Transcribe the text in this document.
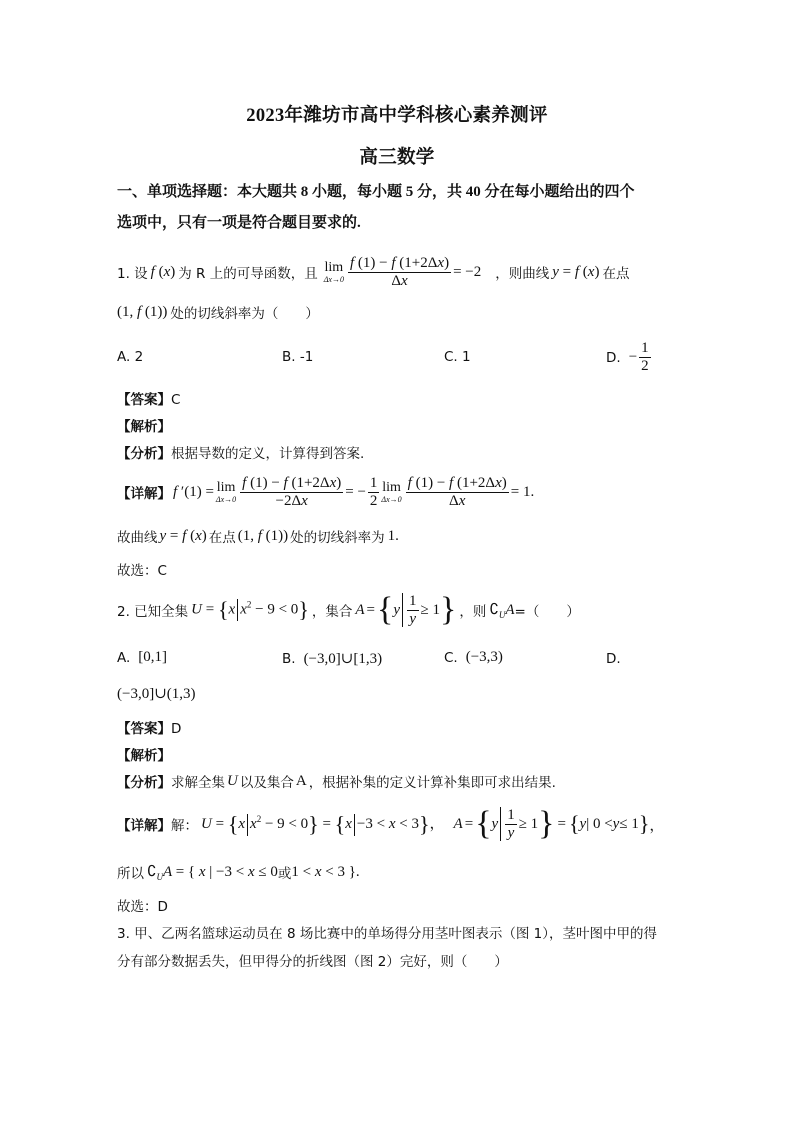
2023年潍坊市高中学科核心素养测评
高三数学
一、单项选择题：本大题共 8 小题，每小题 5 分，共 40 分在每小题给出的四个
选项中，只有一项是符合题目要求的.
1. 设 f (x) 为 R 上的可导函数，且 lim
$\Delta x\to 0 \frac{f (1) - f (1+2\Delta x)}{\Delta x} = -2$ ，则曲线 y = f (x) 在点
(1, f (1)) 处的切线斜率为（　　）
A. 2	B. -1	C. 1	D. − $\frac{1}{2}$
【答案】C
【解析】
【分析】根据导数的定义，计算得到答案.
【详解】 f ′(1) = lim
$\Delta x\to 0 \frac{f (1) - f (1+2\Delta x)}{-2\Delta x}$ = − $\frac{1}{2}$ lim
$\Delta x\to 0 \frac{f (1) - f (1+2\Delta x)}{\Delta x} = 1$.
故曲线 y = f (x) 在点 (1, f (1)) 处的切线斜率为 1.
故选：C
2. 已知全集 U = {x $x^2 - 9 < 0$} ，集合 A = { y $\frac{1}{y} \ge 1$ } ，则 $∁_UA$ =（　　）
A. [0,1]	B. (−3,0]∪[1,3)	C. (−3,3)	D.
(−3,0]∪(1,3)
【答案】D
【解析】
【分析】 求解全集 U 以及集合 A ，根据补集的定义计算补集即可求出结果.
【详解】 解： U = {x $x^2 - 9 < 0\} = \{x -3 < x < 3\}$， A = { y $\frac{1}{y} \ge 1$ } = { y | 0 < y ≤ 1 } ，
所以 $∁_UA$ = { x | −3 < x ≤ 0 或 1 < x < 3 }.
故选：D
3. 甲、乙两名篮球运动员在 8 场比赛中的单场得分用茎叶图表示（图 1），茎叶图中甲的得
分有部分数据丢失，但甲得分的折线图（图 2）完好，则（　　）
